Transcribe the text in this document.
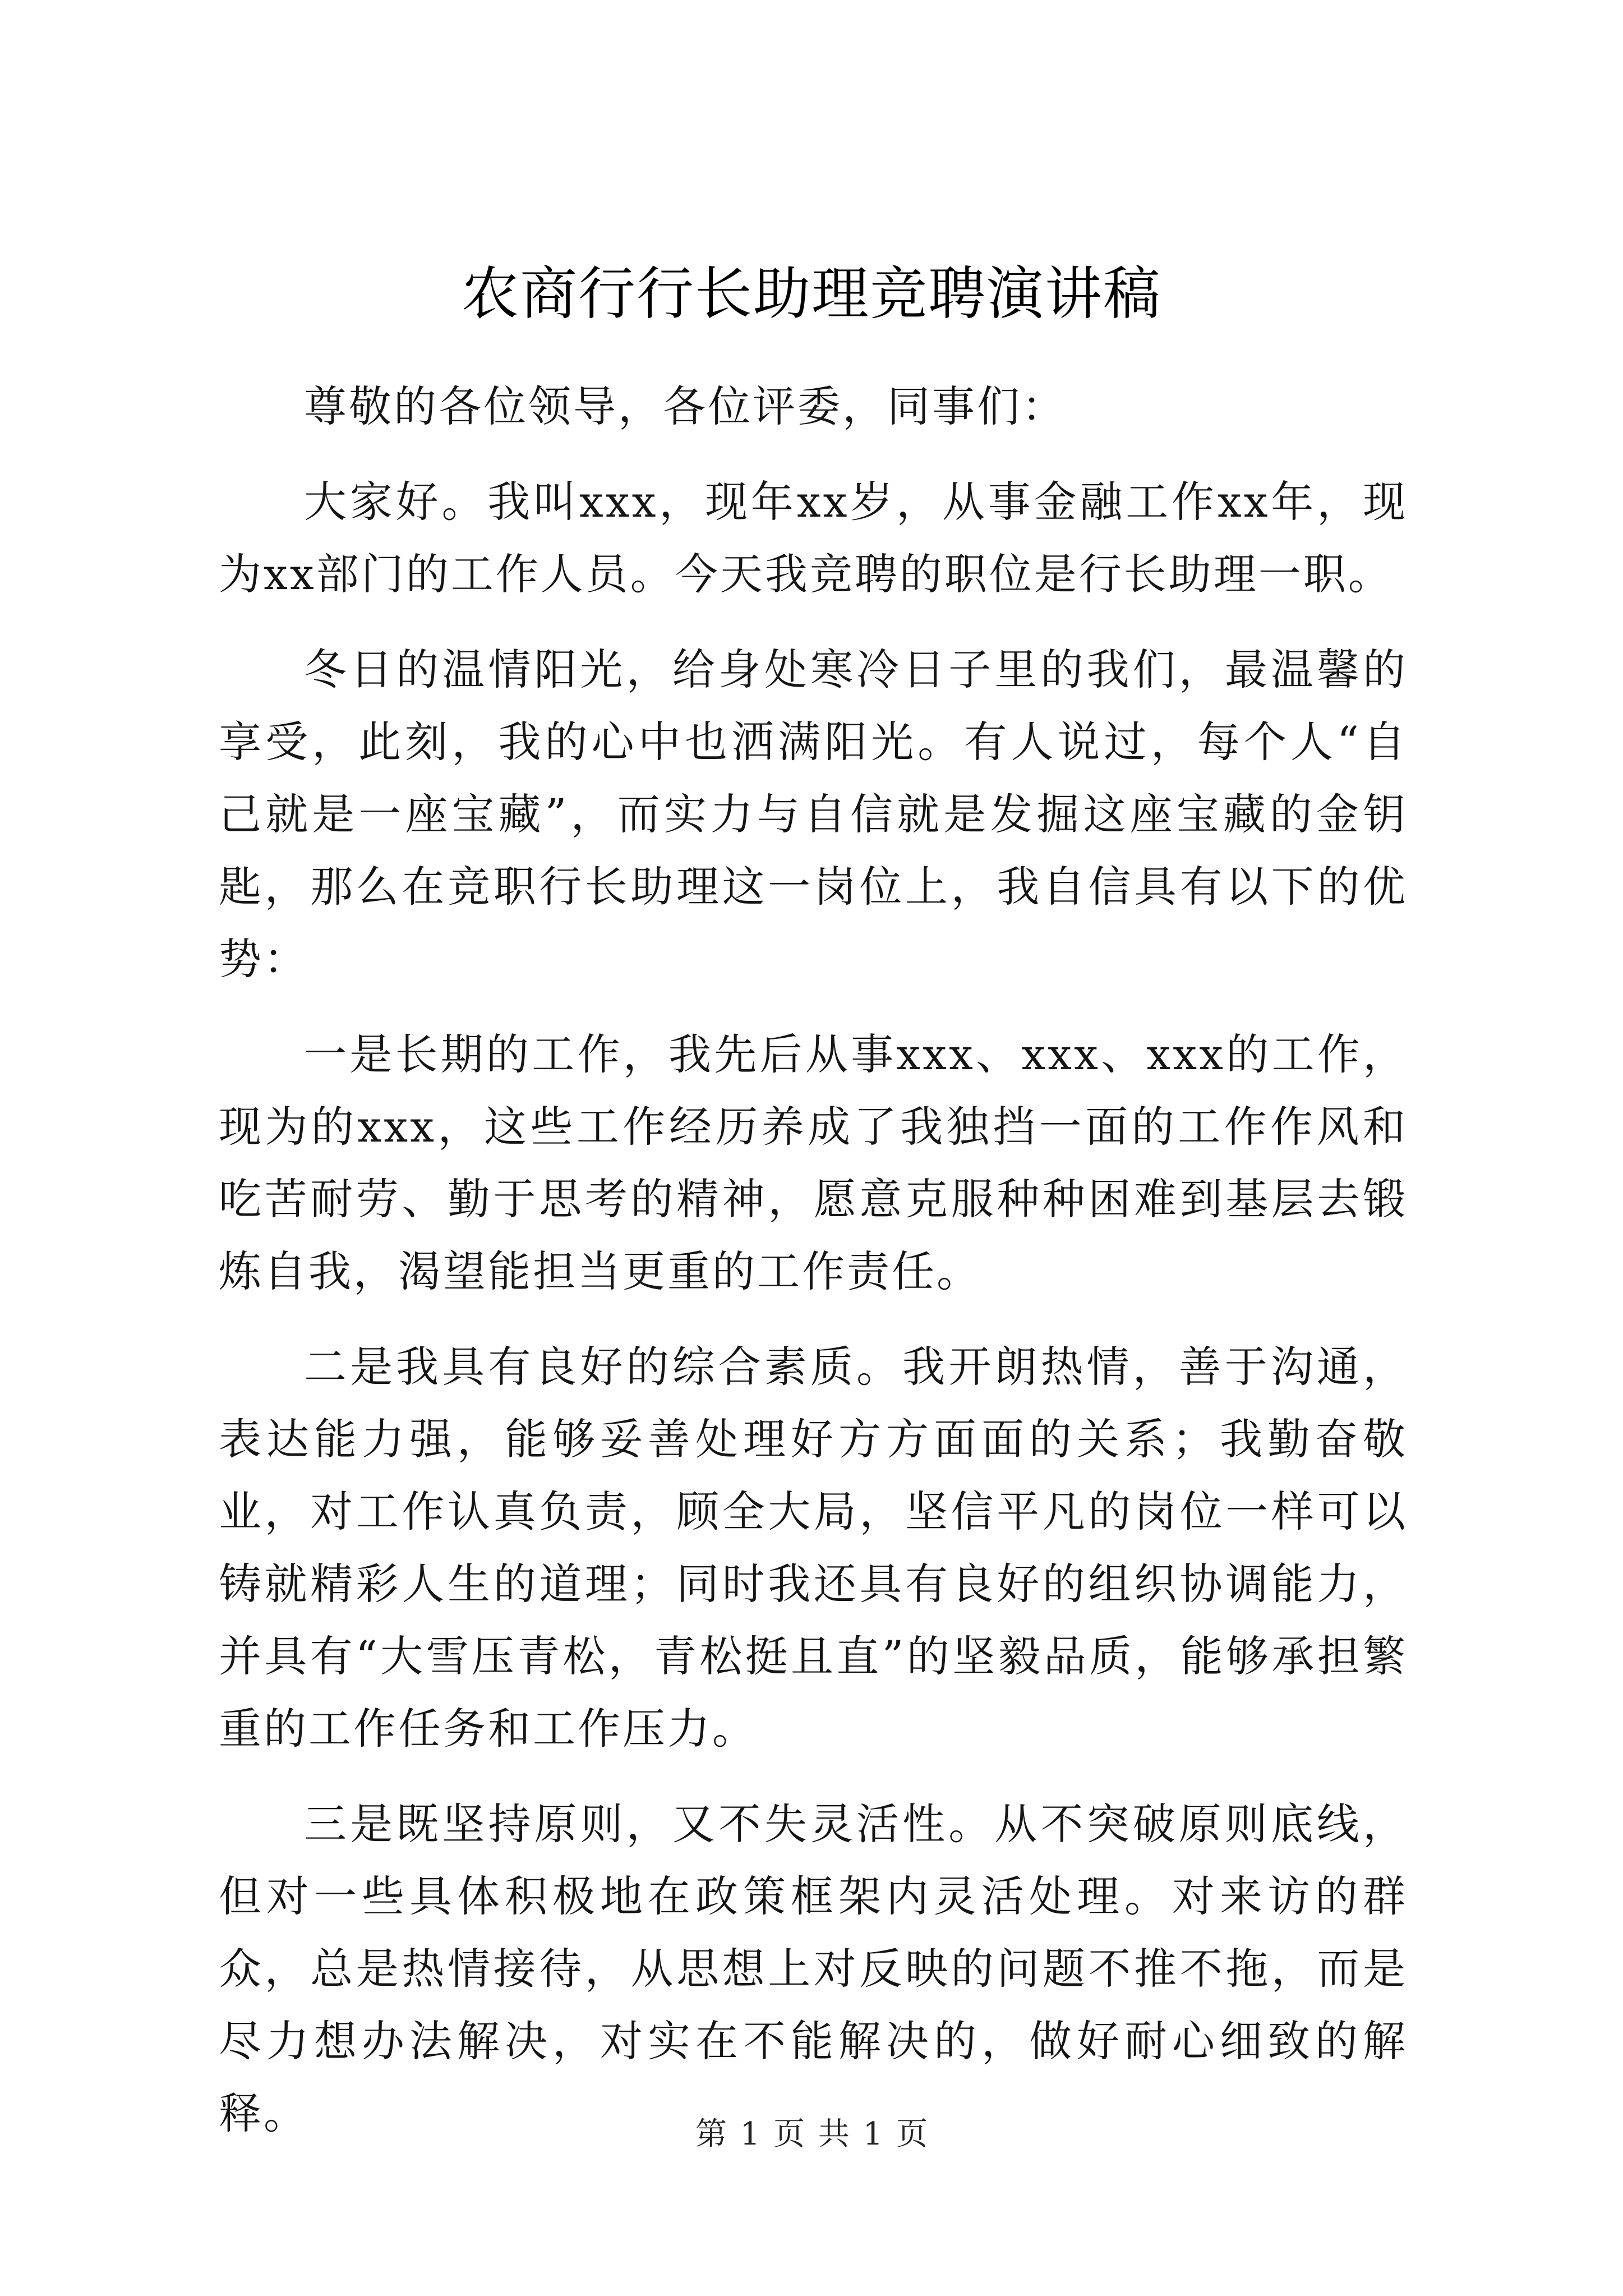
农商行行长助理竞聘演讲稿

尊敬的各位领导，各位评委，同事们：

大家好。我叫xxx，现年xx岁，从事金融工作xx年，现为xx部门的工作人员。今天我竞聘的职位是行长助理一职。

冬日的温情阳光，给身处寒冷日子里的我们，最温馨的享受，此刻，我的心中也洒满阳光。有人说过，每个人“自己就是一座宝藏”，而实力与自信就是发掘这座宝藏的金钥匙，那么在竞职行长助理这一岗位上，我自信具有以下的优势：

一是长期的工作，我先后从事xxx、xxx、xxx的工作，现为的xxx，这些工作经历养成了我独挡一面的工作作风和吃苦耐劳、勤于思考的精神，愿意克服种种困难到基层去锻炼自我，渴望能担当更重的工作责任。

二是我具有良好的综合素质。我开朗热情，善于沟通，表达能力强，能够妥善处理好方方面面的关系；我勤奋敬业，对工作认真负责，顾全大局，坚信平凡的岗位一样可以铸就精彩人生的道理；同时我还具有良好的组织协调能力，并具有“大雪压青松，青松挺且直”的坚毅品质，能够承担繁重的工作任务和工作压力。

三是既坚持原则，又不失灵活性。从不突破原则底线，但对一些具体积极地在政策框架内灵活处理。对来访的群众，总是热情接待，从思想上对反映的问题不推不拖，而是尽力想办法解决，对实在不能解决的，做好耐心细致的解释。	第 1 页 共 1 页
